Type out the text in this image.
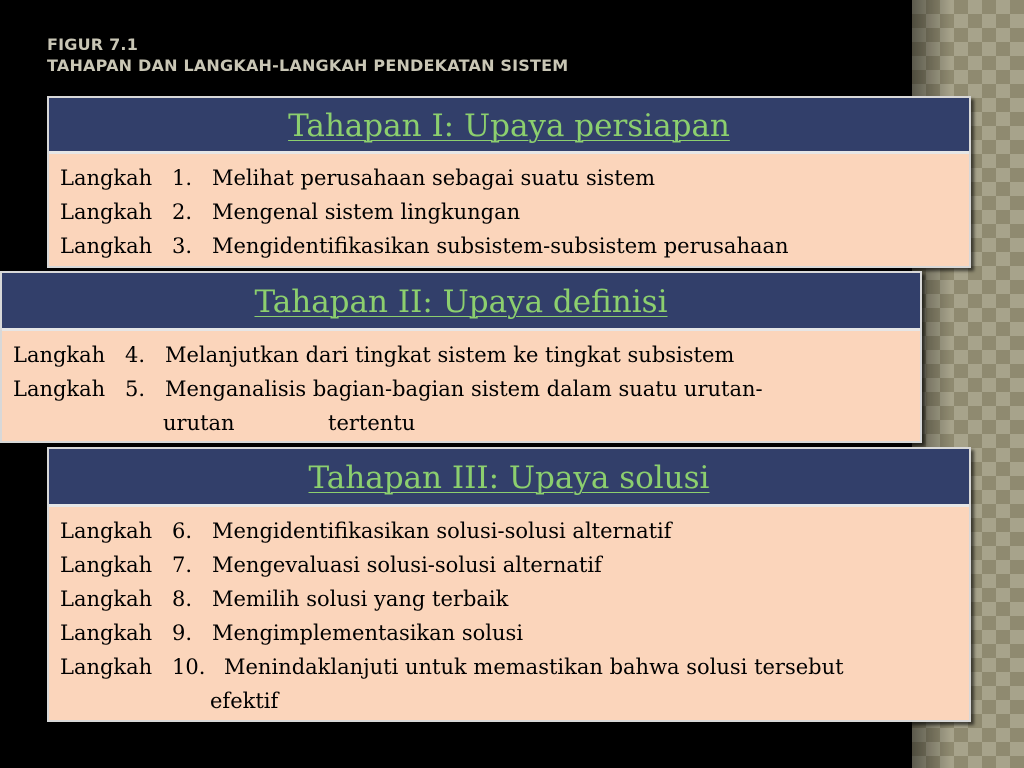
FIGUR 7.1
TAHAPAN DAN LANGKAH-LANGKAH PENDEKATAN SISTEM
Tahapan I: Upaya persiapan
Langkah 1. Melihat perusahaan sebagai suatu sistem
Langkah 2. Mengenal sistem lingkungan
Langkah 3. Mengidentifikasikan subsistem-subsistem perusahaan
Tahapan II: Upaya definisi
Langkah 4. Melanjutkan dari tingkat sistem ke tingkat subsistem
Langkah 5. Menganalisis bagian-bagian sistem dalam suatu urutan-
urutan              tertentu
Tahapan III: Upaya solusi
Langkah 6. Mengidentifikasikan solusi-solusi alternatif
Langkah 7. Mengevaluasi solusi-solusi alternatif
Langkah 8. Memilih solusi yang terbaik
Langkah 9. Mengimplementasikan solusi
Langkah 10. Menindaklanjuti untuk memastikan bahwa solusi tersebut
efektif
